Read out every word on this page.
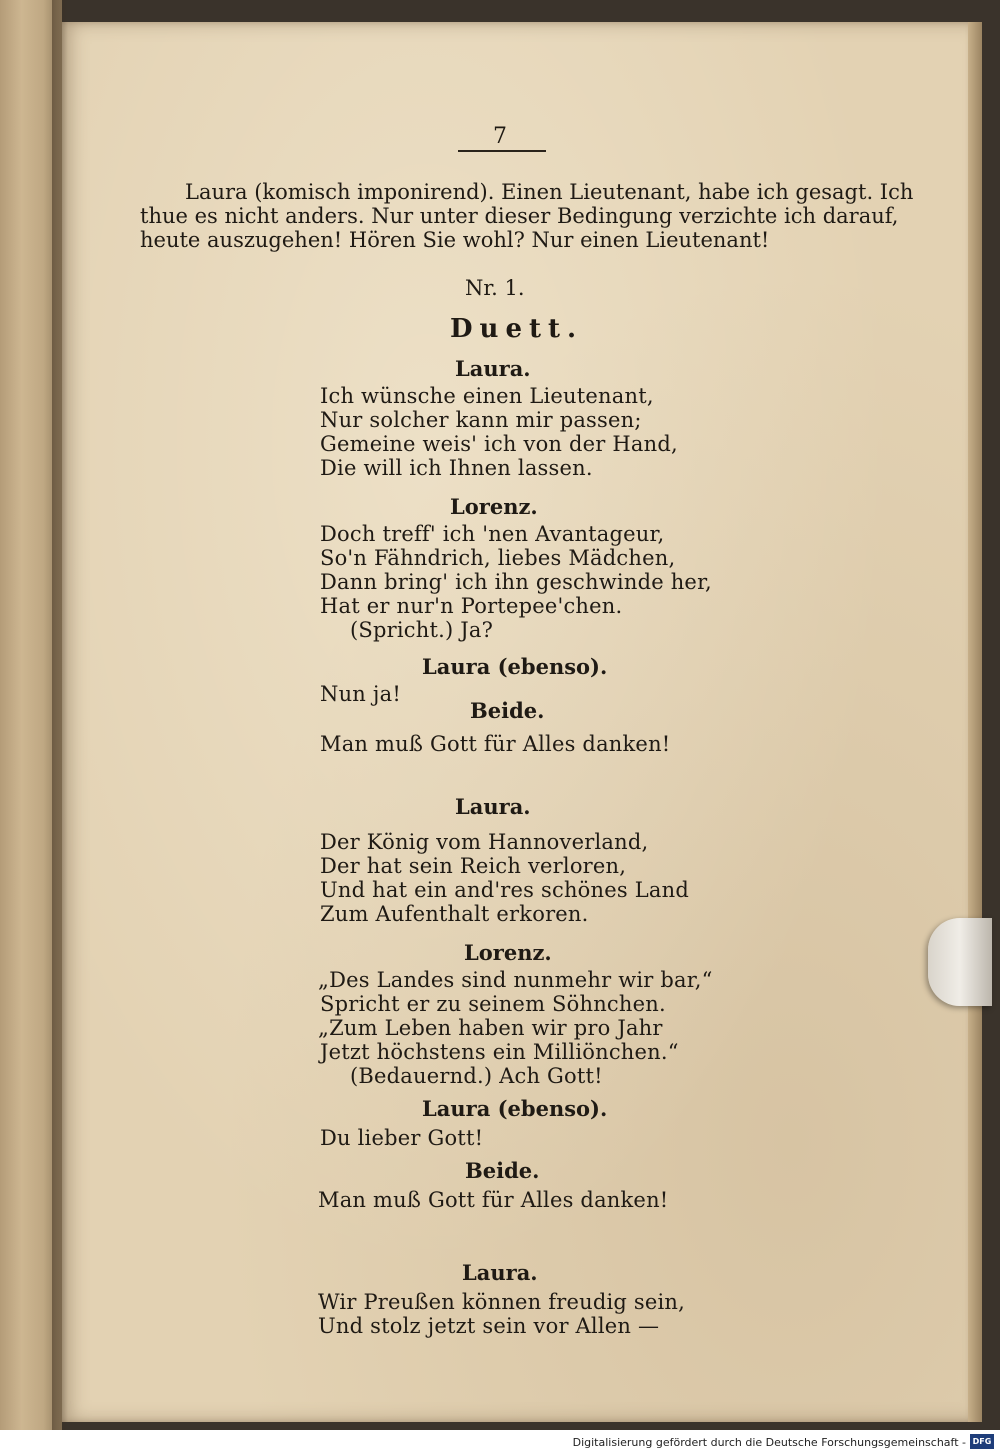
7
Laura (komisch imponirend). Einen Lieutenant, habe ich gesagt. Ich
thue es nicht anders. Nur unter dieser Bedingung verzichte ich darauf,
heute auszugehen! Hören Sie wohl? Nur einen Lieutenant!
Nr. 1.
Duett.
Laura.
Ich wünsche einen Lieutenant,
Nur solcher kann mir passen;
Gemeine weis' ich von der Hand,
Die will ich Ihnen lassen.
Lorenz.
Doch treff' ich 'nen Avantageur,
So'n Fähndrich, liebes Mädchen,
Dann bring' ich ihn geschwinde her,
Hat er nur'n Portepee'chen.
(Spricht.) Ja?
Laura (ebenso).
Nun ja!
Beide.
Man muß Gott für Alles danken!
Laura.
Der König vom Hannoverland,
Der hat sein Reich verloren,
Und hat ein and'res schönes Land
Zum Aufenthalt erkoren.
Lorenz.
„Des Landes sind nunmehr wir bar,“
Spricht er zu seinem Söhnchen.
„Zum Leben haben wir pro Jahr
Jetzt höchstens ein Milliönchen.“
(Bedauernd.) Ach Gott!
Laura (ebenso).
Du lieber Gott!
Beide.
Man muß Gott für Alles danken!
Laura.
Wir Preußen können freudig sein,
Und stolz jetzt sein vor Allen —
Digitalisierung gefördert durch die Deutsche Forschungsgemeinschaft - DFG
